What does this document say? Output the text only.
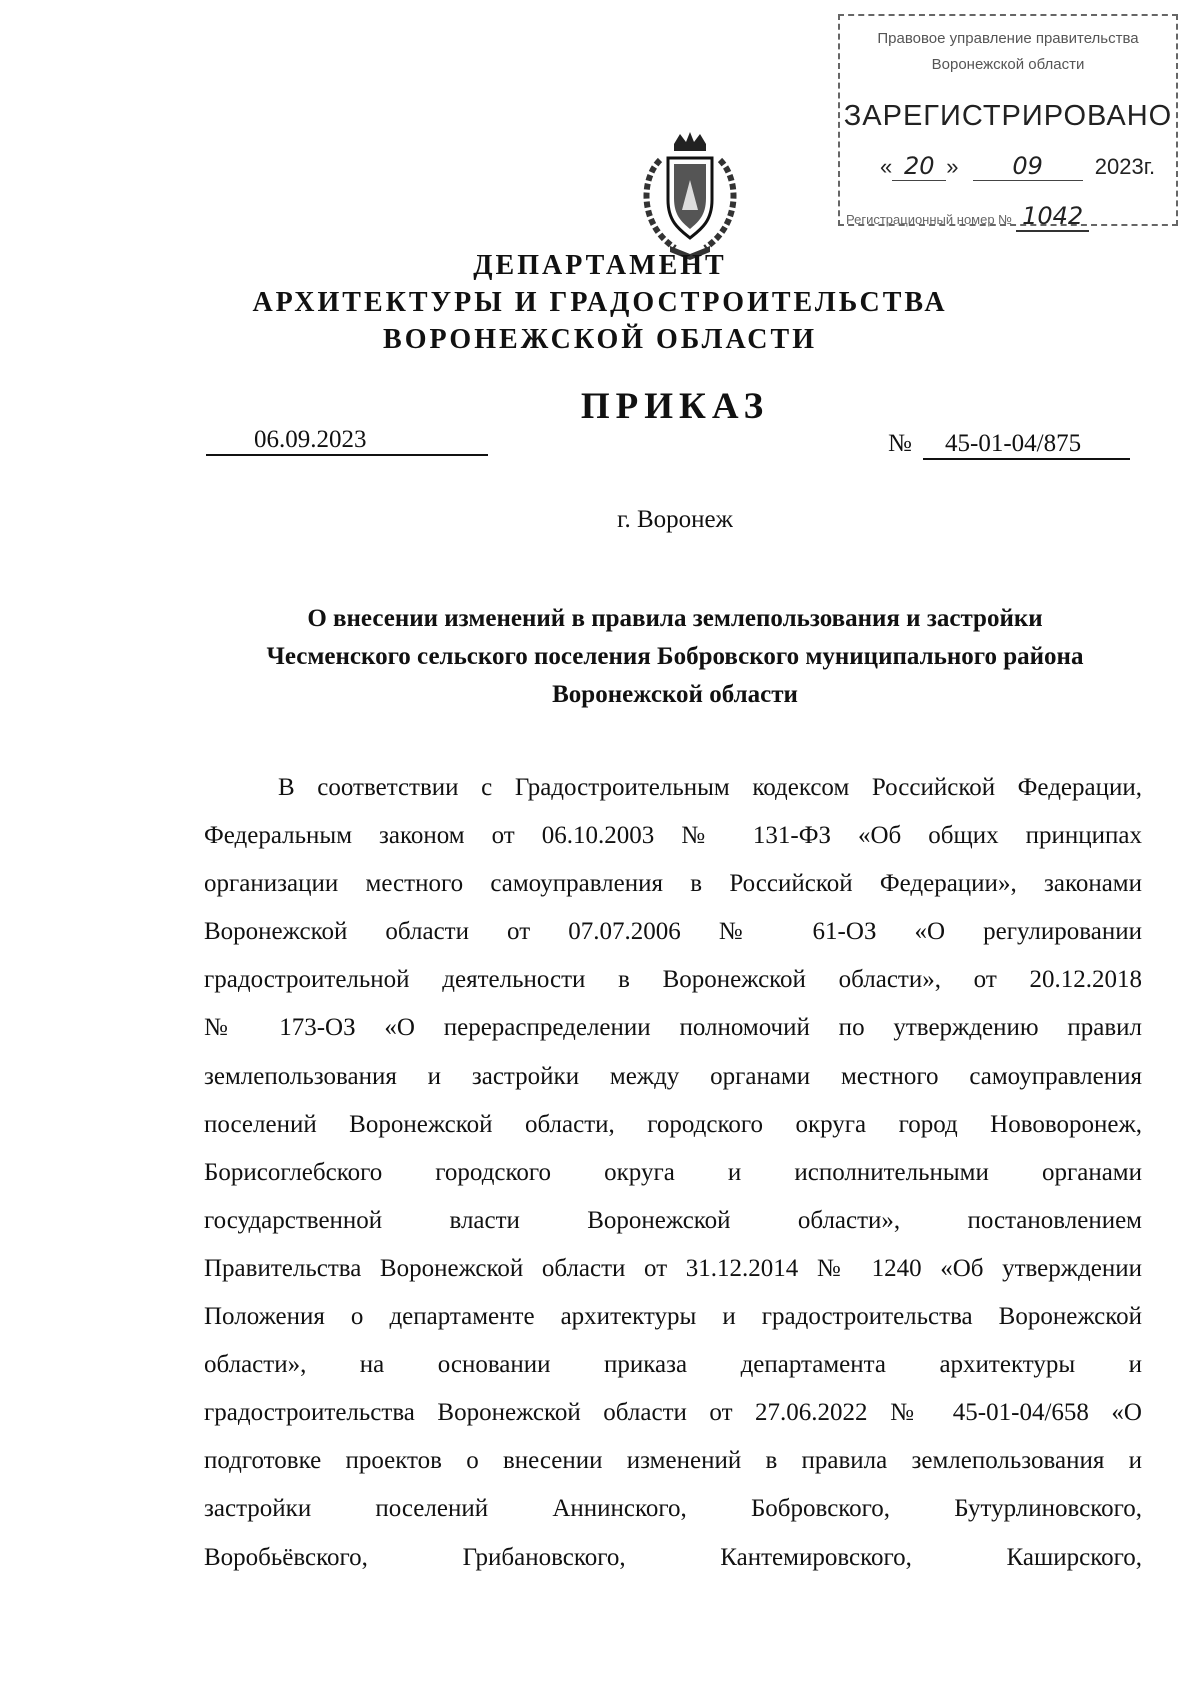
Правовое управление правительства
Воронежской области
ЗАРЕГИСТРИРОВАНО
« 20 » 09 2023г.
Регистрационный номер № 1042
ДЕПАРТАМЕНТ
АРХИТЕКТУРЫ И ГРАДОСТРОИТЕЛЬСТВА
ВОРОНЕЖСКОЙ ОБЛАСТИ
ПРИКАЗ
06.09.2023	№	45-01-04/875
г. Воронеж
О внесении изменений в правила землепользования и застройки
Чесменского сельского поселения Бобровского муниципального района
Воронежской области
В соответствии с Градостроительным кодексом Российской Федерации,
Федеральным законом от 06.10.2003 № 131-ФЗ «Об общих принципах
организации местного самоуправления в Российской Федерации», законами
Воронежской области от 07.07.2006 № 61-ОЗ «О регулировании
градостроительной деятельности в Воронежской области», от 20.12.2018
№ 173-ОЗ «О перераспределении полномочий по утверждению правил
землепользования и застройки между органами местного самоуправления
поселений Воронежской области, городского округа город Нововоронеж,
Борисоглебского городского округа и исполнительными органами
государственной власти Воронежской области», постановлением
Правительства Воронежской области от 31.12.2014 № 1240 «Об утверждении
Положения о департаменте архитектуры и градостроительства Воронежской
области», на основании приказа департамента архитектуры и
градостроительства Воронежской области от 27.06.2022 № 45-01-04/658 «О
подготовке проектов о внесении изменений в правила землепользования и
застройки поселений Аннинского, Бобровского, Бутурлиновского,
Воробьёвского, Грибановского, Кантемировского, Каширского,
